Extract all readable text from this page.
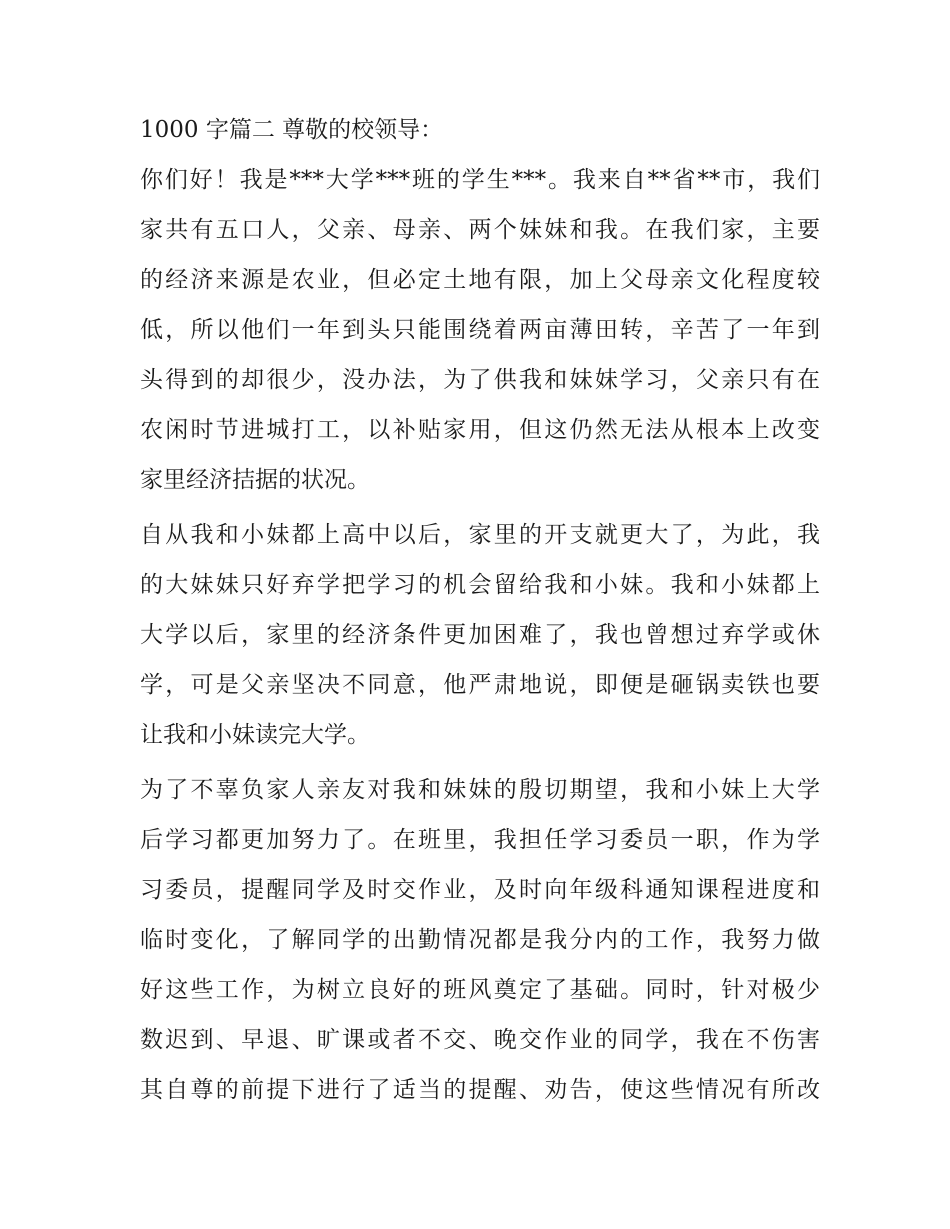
1000 字篇二 尊敬的校领导：
你们好！我是***大学***班的学生***。我来自**省**市，我们
家共有五口人，父亲、母亲、两个妹妹和我。在我们家，主要
的经济来源是农业，但必定土地有限，加上父母亲文化程度较
低，所以他们一年到头只能围绕着两亩薄田转，辛苦了一年到
头得到的却很少，没办法，为了供我和妹妹学习，父亲只有在
农闲时节进城打工，以补贴家用，但这仍然无法从根本上改变
家里经济拮据的状况。
自从我和小妹都上高中以后，家里的开支就更大了，为此，我
的大妹妹只好弃学把学习的机会留给我和小妹。我和小妹都上
大学以后，家里的经济条件更加困难了，我也曾想过弃学或休
学，可是父亲坚决不同意，他严肃地说，即便是砸锅卖铁也要
让我和小妹读完大学。
为了不辜负家人亲友对我和妹妹的殷切期望，我和小妹上大学
后学习都更加努力了。在班里，我担任学习委员一职，作为学
习委员，提醒同学及时交作业，及时向年级科通知课程进度和
临时变化，了解同学的出勤情况都是我分内的工作，我努力做
好这些工作，为树立良好的班风奠定了基础。同时，针对极少
数迟到、早退、旷课或者不交、晚交作业的同学，我在不伤害
其自尊的前提下进行了适当的提醒、劝告，使这些情况有所改
